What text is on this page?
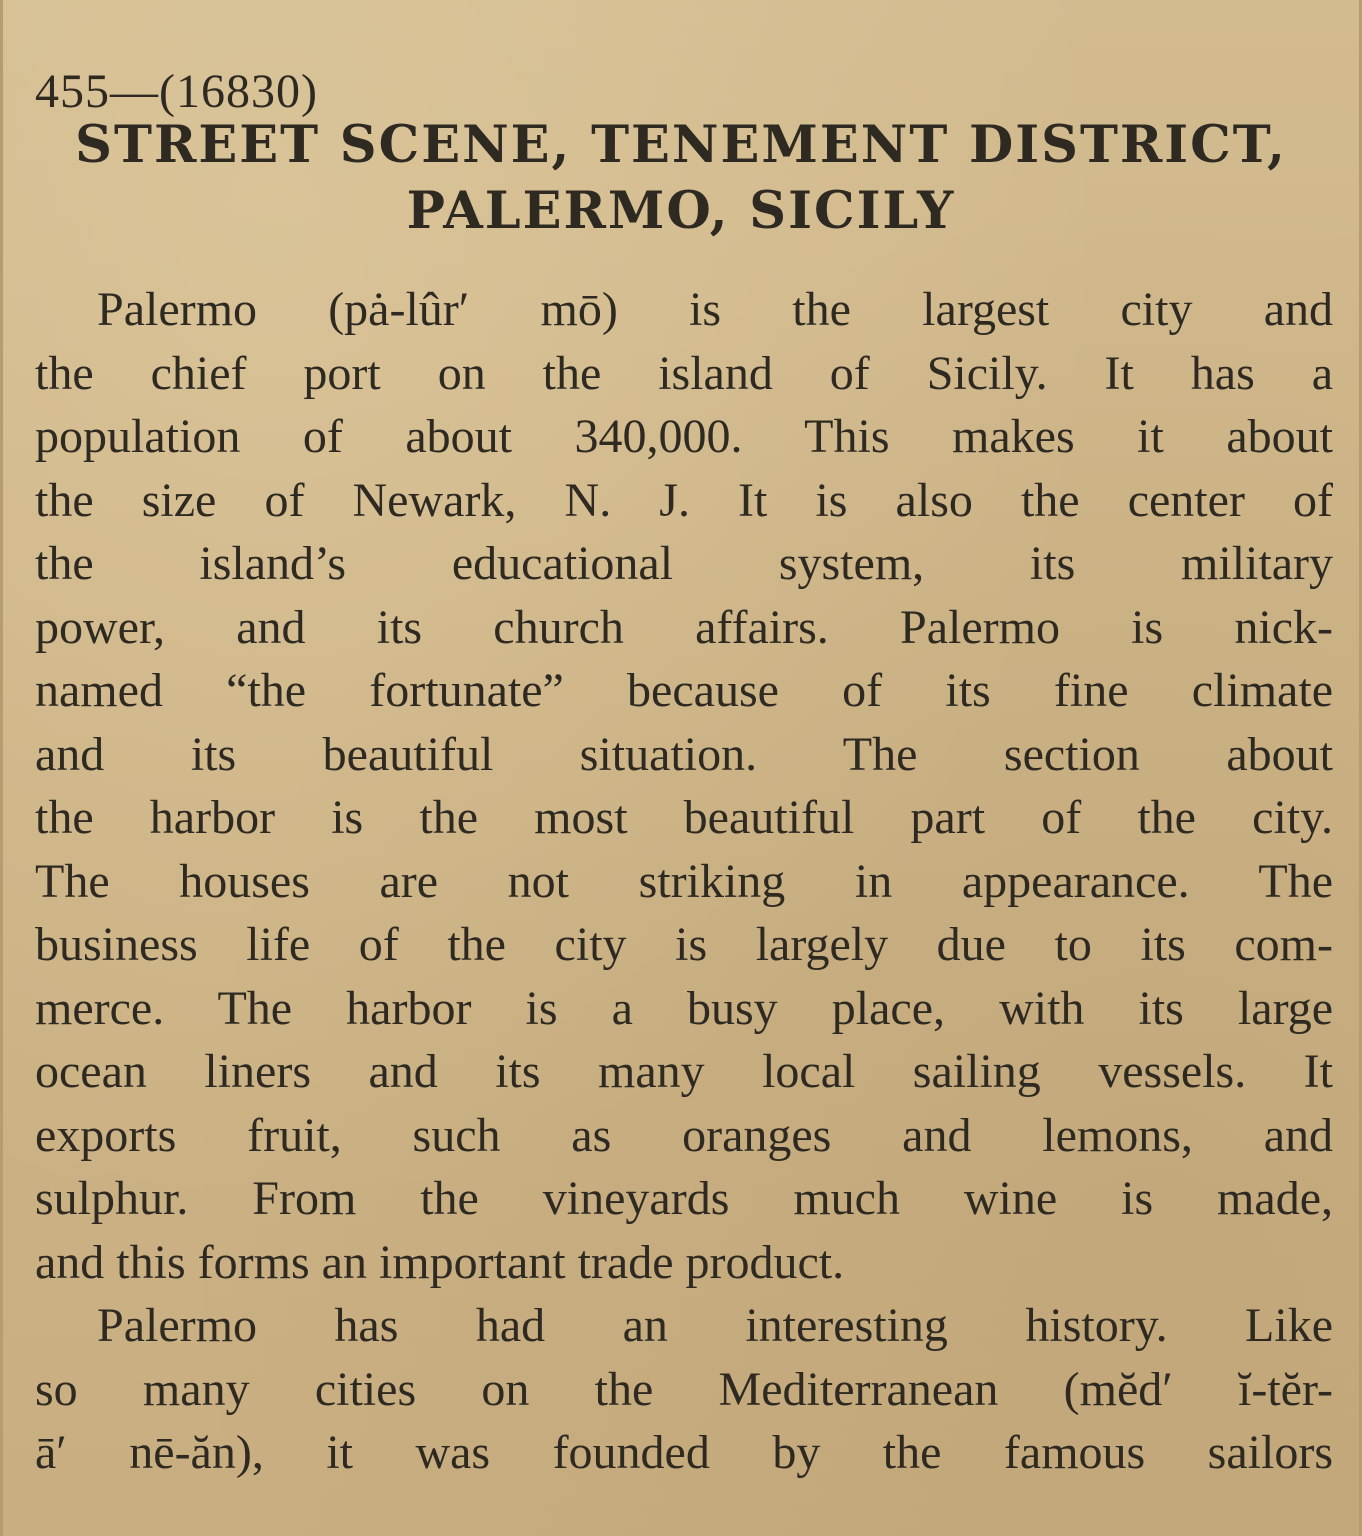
455—(16830)
STREET SCENE, TENEMENT DISTRICT,
PALERMO, SICILY

Palermo (pȧ-lûr′ mō) is the largest city and
the chief port on the island of Sicily. It has a
population of about 340,000. This makes it about
the size of Newark, N. J. It is also the center of
the island’s educational system, its military
power, and its church affairs. Palermo is nick-
named “the fortunate” because of its fine climate
and its beautiful situation. The section about
the harbor is the most beautiful part of the city.
The houses are not striking in appearance. The
business life of the city is largely due to its com-
merce. The harbor is a busy place, with its large
ocean liners and its many local sailing vessels. It
exports fruit, such as oranges and lemons, and
sulphur. From the vineyards much wine is made,
and this forms an important trade product.

Palermo has had an interesting history. Like
so many cities on the Mediterranean (mĕd′ ĭ-tĕr-
ā′ nē-ăn), it was founded by the famous sailors
